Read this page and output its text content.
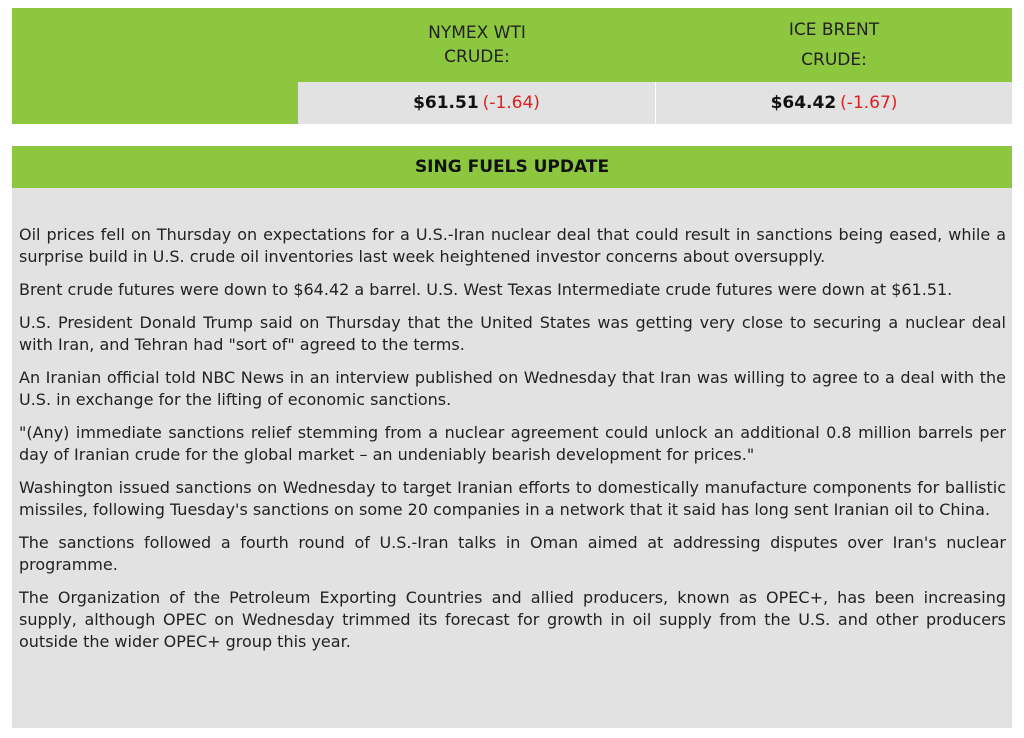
NYMEX WTI
CRUDE:
$61.51 (-1.64)
ICE BRENT
CRUDE:
$64.42 (-1.67)
SING FUELS UPDATE

Oil prices fell on Thursday on expectations for a U.S.-Iran nuclear deal that could result in sanctions being eased, while a surprise build in U.S. crude oil inventories last week heightened investor concerns about oversupply.

Brent crude futures were down to $64.42 a barrel. U.S. West Texas Intermediate crude futures were down at $61.51.

U.S. President Donald Trump said on Thursday that the United States was getting very close to securing a nuclear deal with Iran, and Tehran had "sort of" agreed to the terms.

An Iranian official told NBC News in an interview published on Wednesday that Iran was willing to agree to a deal with the U.S. in exchange for the lifting of economic sanctions.

"(Any) immediate sanctions relief stemming from a nuclear agreement could unlock an additional 0.8 million barrels per day of Iranian crude for the global market – an undeniably bearish development for prices."

Washington issued sanctions on Wednesday to target Iranian efforts to domestically manufacture components for ballistic missiles, following Tuesday's sanctions on some 20 companies in a network that it said has long sent Iranian oil to China.

The sanctions followed a fourth round of U.S.-Iran talks in Oman aimed at addressing disputes over Iran's nuclear programme.

The Organization of the Petroleum Exporting Countries and allied producers, known as OPEC+, has been increasing supply, although OPEC on Wednesday trimmed its forecast for growth in oil supply from the U.S. and other producers outside the wider OPEC+ group this year.
